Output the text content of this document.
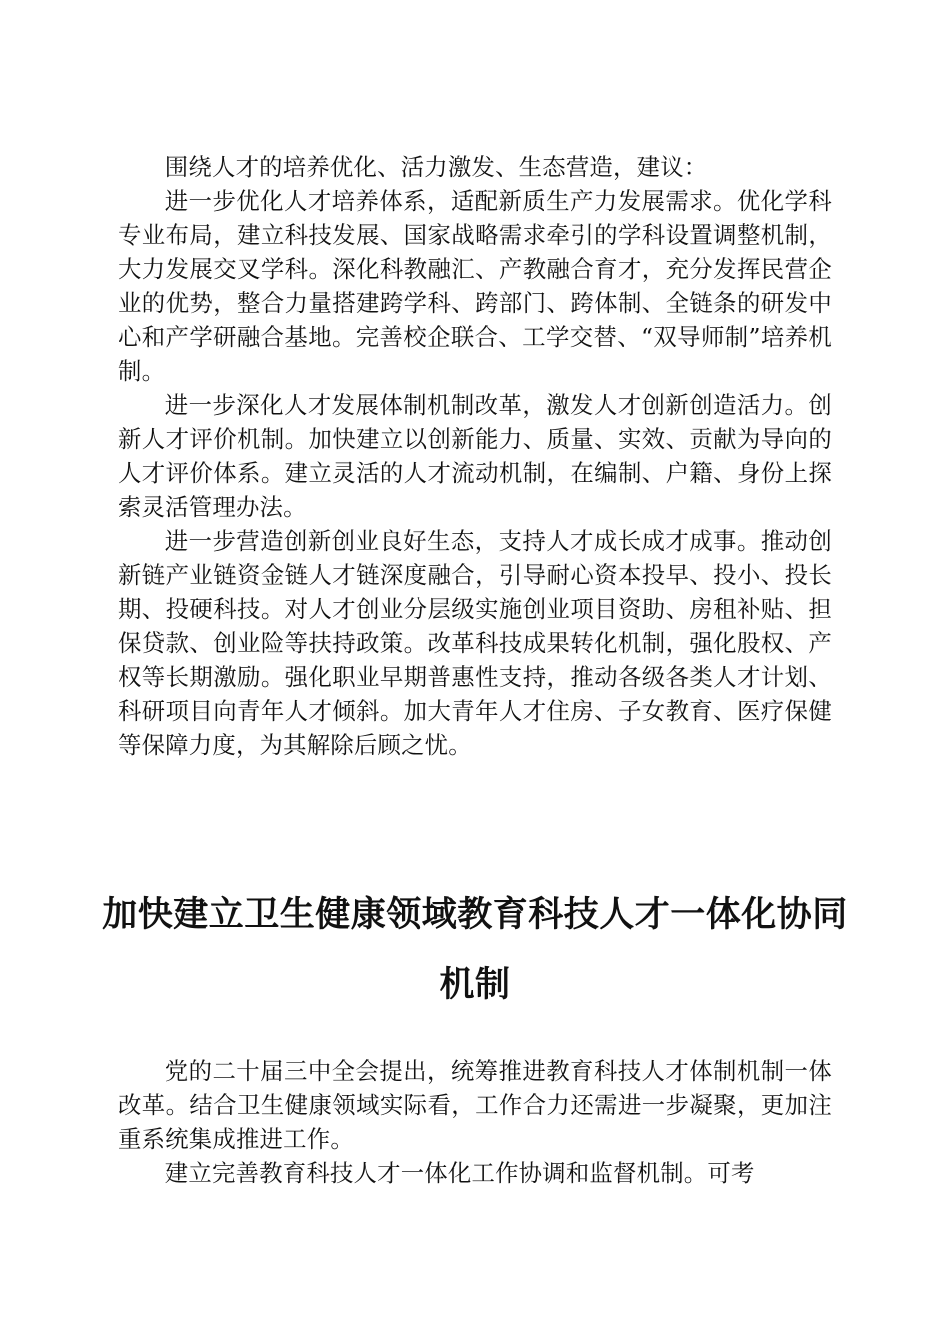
围绕人才的培养优化、活力激发、生态营造，建议：

进一步优化人才培养体系，适配新质生产力发展需求。优化学科专业布局，建立科技发展、国家战略需求牵引的学科设置调整机制，大力发展交叉学科。深化科教融汇、产教融合育才，充分发挥民营企业的优势，整合力量搭建跨学科、跨部门、跨体制、全链条的研发中心和产学研融合基地。完善校企联合、工学交替、“双导师制”培养机制。

进一步深化人才发展体制机制改革，激发人才创新创造活力。创新人才评价机制。加快建立以创新能力、质量、实效、贡献为导向的人才评价体系。建立灵活的人才流动机制，在编制、户籍、身份上探索灵活管理办法。

进一步营造创新创业良好生态，支持人才成长成才成事。推动创新链产业链资金链人才链深度融合，引导耐心资本投早、投小、投长期、投硬科技。对人才创业分层级实施创业项目资助、房租补贴、担保贷款、创业险等扶持政策。改革科技成果转化机制，强化股权、产权等长期激励。强化职业早期普惠性支持，推动各级各类人才计划、科研项目向青年人才倾斜。加大青年人才住房、子女教育、医疗保健等保障力度，为其解除后顾之忧。

加快建立卫生健康领域教育科技人才一体化协同机制

党的二十届三中全会提出，统筹推进教育科技人才体制机制一体改革。结合卫生健康领域实际看，工作合力还需进一步凝聚，更加注重系统集成推进工作。

建立完善教育科技人才一体化工作协调和监督机制。可考
